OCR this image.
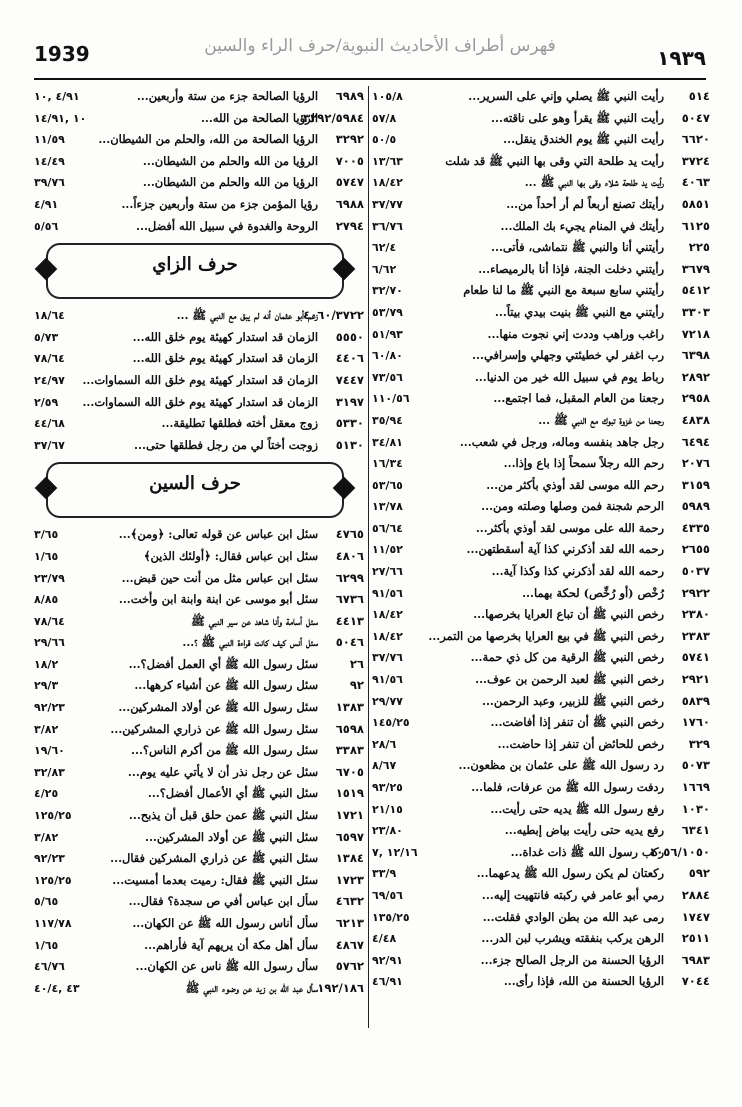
1939	فهرس أطراف الأحاديث النبوية/حرف الراء والسين	١٩٣٩
٥١٤
رأيت النبي ﷺ يصلي وإني على السرير...
١٠٥/٨
٥٠٤٧
رأيت النبي ﷺ يقرأ وهو على ناقته...
٥٧/٨
٦٦٢٠
رأيت النبي ﷺ يوم الخندق ينقل...
٥٠/٥
٣٧٢٤
رأيت يد طلحة التي وقى بها النبي ﷺ قد شلت
١٣/٦٣
٤٠٦٣
رأيت يد طلحة شلاء وقى بها النبي ﷺ ...
١٨/٤٢
٥٨٥١
رأيتك تصنع أربعاً لم أر أحداً من...
٣٧/٧٧
٦١٢٥
رأيتك في المنام يجيء بك الملك...
٣٦/٧٦
٢٢٥
رأيتني أنا والنبي ﷺ نتماشى، فأتى...
٦٢/٤
٣٦٧٩
رأيتني دخلت الجنة، فإذا أنا بالرميصاء...
٦/٦٢
٥٤١٢
رأيتني سابع سبعة مع النبي ﷺ ما لنا طعام
٣٢/٧٠
٣٣٠٣
رأيتني مع النبي ﷺ بنيت بيدي بيتاً...
٥٣/٧٩
٧٢١٨
راغب وراهب وددت إني نجوت منها...
٥١/٩٣
٦٣٩٨
رب اغفر لي خطيئتي وجهلي وإسرافي...
٦٠/٨٠
٢٨٩٢
رباط يوم في سبيل الله خير من الدنيا...
٧٣/٥٦
٢٩٥٨
رجعنا من العام المقبل، فما اجتمع...
١١٠/٥٦
٤٨٣٨
رجعنا من غزوة تبوك مع النبي ﷺ ...
٣٥/٩٤
٦٤٩٤
رجل جاهد بنفسه وماله، ورجل في شعب...
٣٤/٨١
٢٠٧٦
رحم الله رجلاً سمحاً إذا باع وإذا...
١٦/٣٤
٣١٥٩
رحم الله موسى لقد أوذي بأكثر من...
٥٣/٦٥
٥٩٨٩
الرحم شجنة فمن وصلها وصلته ومن...
١٣/٧٨
٤٣٣٥
رحمة الله على موسى لقد أوذي بأكثر...
٥٦/٦٤
٢٦٥٥
رحمه الله لقد أذكرني كذا آية أسقطتهن...
١١/٥٢
٥٠٣٧
رحمه الله لقد أذكرني كذا وكذا آية...
٢٧/٦٦
٢٩٢٢
رُخْص (أو رُخِّص) لحكة بهما...
٩١/٥٦
٢٣٨٠
رخص النبي ﷺ أن تباع العرايا بخرصها...
١٨/٤٢
٢٣٨٣
رخص النبي ﷺ في بيع العرايا بخرصها من التمر...
١٨/٤٢
٥٧٤١
رخص النبي ﷺ الرقية من كل ذي حمة...
٣٧/٧٦
٢٩٢١
رخص النبي ﷺ لعبد الرحمن بن عوف...
٩١/٥٦
٥٨٣٩
رخص النبي ﷺ للزبير، وعبد الرحمن...
٢٩/٧٧
١٧٦٠
رخص النبي ﷺ أن تنفر إذا أفاضت...
١٤٥/٢٥
٣٢٩
رخص للحائض أن تنفر إذا حاضت...
٢٨/٦
٥٠٧٣
رد رسول الله ﷺ على عثمان بن مظعون...
٨/٦٧
١٦٦٩
ردفت رسول الله ﷺ من عرفات، فلما...
٩٣/٢٥
١٠٣٠
رفع رسول الله ﷺ يديه حتى رأيت...
٢١/١٥
٦٣٤١
رفع يديه حتى رأيت بياض إبطيه...
٢٣/٨٠
١٠٥٦/١٠٥٠
ركب رسول الله ﷺ ذات غداة...
١٢/١٦ ,٧
٥٩٢
ركعتان لم يكن رسول الله ﷺ يدعهما...
٣٣/٩
٢٨٨٤
رمي أبو عامر في ركبته فانتهيت إليه...
٦٩/٥٦
١٧٤٧
رمى عبد الله من بطن الوادي فقلت...
١٣٥/٢٥
٢٥١١
الرهن يركب بنفقته ويشرب لبن الدر...
٤/٤٨
٦٩٨٣
الرؤيا الحسنة من الرجل الصالح جزء...
٩٢/٩١
٧٠٤٤
الرؤيا الحسنة من الله، فإذا رأى...
٤٦/٩١
٦٩٨٩
الرؤيا الصالحة جزء من ستة وأربعين...
٤/٩١ ,١٠
٣٢٩٢/٥٩٨٤
الرؤيا الصالحة من الله...
١٠ ,١٤/٩١
٣٢٩٢
الرؤيا الصالحة من الله، والحلم من الشيطان...
١١/٥٩
٧٠٠٥
الرؤيا من الله والحلم من الشيطان...
١٤/٤٩
٥٧٤٧
الرؤيا من الله والحلم من الشيطان...
٣٩/٧٦
٦٩٨٨
رؤيا المؤمن جزء من ستة وأربعين جزءاً...
٤/٩١
٢٧٩٤
الروحة والغدوة في سبيل الله أفضل...
٥/٥٦
حرف الزاي
٤٠٦٠/٣٧٢٢
زعم أبو عثمان أنه لم يبق مع النبي ﷺ ...
١٨/٦٤
٥٥٥٠
الزمان قد استدار كهيئة يوم خلق الله...
٥/٧٣
٤٤٠٦
الزمان قد استدار كهيئة يوم خلق الله...
٧٨/٦٤
٧٤٤٧
الزمان قد استدار كهيئة يوم خلق الله السماوات...
٢٤/٩٧
٣١٩٧
الزمان قد استدار كهيئة يوم خلق الله السماوات...
٢/٥٩
٥٣٣٠
زوج معقل أخته فطلقها تطليقة...
٤٤/٦٨
٥١٣٠
زوجت أختاً لي من رجل فطلقها حتى...
٣٧/٦٧
حرف السين
٤٧٦٥
سئل ابن عباس عن قوله تعالى: ﴿ومن﴾...
٣/٦٥
٤٨٠٦
سئل ابن عباس فقال: ﴿أولئك الذين﴾
١/٦٥
٦٢٩٩
سئل ابن عباس مثل من أنت حين قبض...
٢٣/٧٩
٦٧٣٦
سئل أبو موسى عن ابنة وابنة ابن وأخت...
٨/٨٥
٤٤١٣
سئل أسامة وأنا شاهد عن سير النبي ﷺ
٧٨/٦٤
٥٠٤٦
سئل أنس كيف كانت قراءة النبي ﷺ ؟...
٢٩/٦٦
٢٦
سئل رسول الله ﷺ أي العمل أفضل؟...
١٨/٢
٩٢
سئل رسول الله ﷺ عن أشياء كرهها...
٢٩/٣
١٣٨٣
سئل رسول الله ﷺ عن أولاد المشركين...
٩٢/٢٣
٦٥٩٨
سئل رسول الله ﷺ عن ذراري المشركين...
٣/٨٢
٣٣٨٣
سئل رسول الله ﷺ من أكرم الناس؟...
١٩/٦٠
٦٧٠٥
سئل عن رجل نذر أن لا يأتي عليه يوم...
٣٢/٨٣
١٥١٩
سئل النبي ﷺ أي الأعمال أفضل؟...
٤/٢٥
١٧٢١
سئل النبي ﷺ عمن حلق قبل أن يذبح...
١٢٥/٢٥
٦٥٩٧
سئل النبي ﷺ عن أولاد المشركين...
٣/٨٢
١٣٨٤
سئل النبي ﷺ عن ذراري المشركين فقال...
٩٢/٢٣
١٧٢٣
سئل النبي ﷺ فقال: رميت بعدما أمسيت...
١٢٥/٢٥
٤٦٣٢
سأل ابن عباس أفي ص سجدة؟ فقال...
٥/٦٥
٦٢١٣
سأل أناس رسول الله ﷺ عن الكهان...
١١٧/٧٨
٤٨٦٧
سأل أهل مكة أن يريهم آية فأراهم...
١/٦٥
٥٧٦٢
سأل رسول الله ﷺ ناس عن الكهان...
٤٦/٧٦
١٩٢/١٨٦
سأل عبد الله بن زيد عن وضوء النبي ﷺ
٤٣ ,٤٠/٤
